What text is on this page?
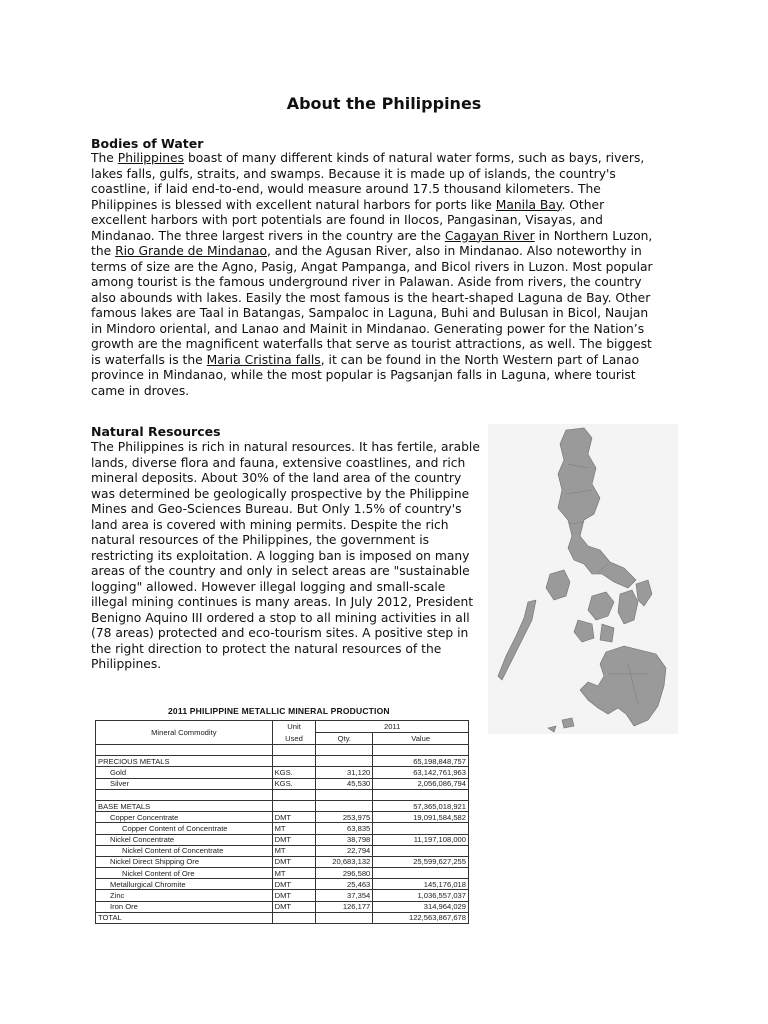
About the Philippines
Bodies of Water
The Philippines boast of many different kinds of natural water forms, such as bays, rivers,
lakes falls, gulfs, straits, and swamps. Because it is made up of islands, the country's
coastline, if laid end-to-end, would measure around 17.5 thousand kilometers. The
Philippines is blessed with excellent natural harbors for ports like Manila Bay. Other
excellent harbors with port potentials are found in Ilocos, Pangasinan, Visayas, and
Mindanao. The three largest rivers in the country are the Cagayan River in Northern Luzon,
the Rio Grande de Mindanao, and the Agusan River, also in Mindanao. Also noteworthy in
terms of size are the Agno, Pasig, Angat Pampanga, and Bicol rivers in Luzon. Most popular
among tourist is the famous underground river in Palawan. Aside from rivers, the country
also abounds with lakes. Easily the most famous is the heart-shaped Laguna de Bay. Other
famous lakes are Taal in Batangas, Sampaloc in Laguna, Buhi and Bulusan in Bicol, Naujan
in Mindoro oriental, and Lanao and Mainit in Mindanao. Generating power for the Nation’s
growth are the magnificent waterfalls that serve as tourist attractions, as well. The biggest
is waterfalls is the Maria Cristina falls, it can be found in the North Western part of Lanao
province in Mindanao, while the most popular is Pagsanjan falls in Laguna, where tourist
came in droves.
Natural Resources
The Philippines is rich in natural resources. It has fertile, arable
lands, diverse flora and fauna, extensive coastlines, and rich
mineral deposits. About 30% of the land area of the country
was determined be geologically prospective by the Philippine
Mines and Geo-Sciences Bureau. But Only 1.5% of country's
land area is covered with mining permits. Despite the rich
natural resources of the Philippines, the government is
restricting its exploitation. A logging ban is imposed on many
areas of the country and only in select areas are "sustainable
logging" allowed. However illegal logging and small-scale
illegal mining continues is many areas. In July 2012, President
Benigno Aquino III ordered a stop to all mining activities in all
(78 areas) protected and eco-tourism sites. A positive step in
the right direction to protect the natural resources of the
Philippines.
2011 PHILIPPINE METALLIC MINERAL PRODUCTION
Mineral Commodity	Unit	2011	
	Used	Qty.	Value

PRECIOUS METALS			65,198,848,757
Gold	KGS.	31,120	63,142,761,963
Silver	KGS.	45,530	2,056,086,794

BASE METALS			57,365,018,921
Copper Concentrate	DMT	253,975	19,091,584,582
Copper Content of Concentrate	MT	63,835	
Nickel Concentrate	DMT	38,798	11,197,108,000
Nickel Content of Concentrate	MT	22,794	
Nickel Direct Shipping Ore	DMT	20,683,132	25,599,627,255
Nickel Content of Ore	MT	296,580	
Metallurgical Chromite	DMT	25,463	145,176,018
Zinc	DMT	37,354	1,036,557,037
Iron Ore	DMT	126,177	314,964,029
TOTAL			122,563,867,678
